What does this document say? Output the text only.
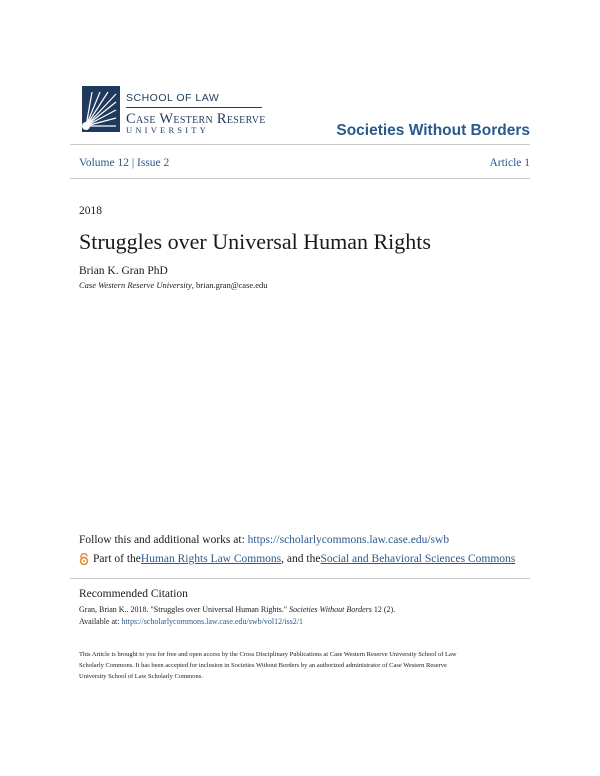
SCHOOL OF LAW
Case Western Reserve
UNIVERSITY	Societies Without Borders
Volume 12 | Issue 2	Article 1
2018
Struggles over Universal Human Rights
Brian K. Gran PhD
Case Western Reserve University, brian.gran@case.edu
Follow this and additional works at: https://scholarlycommons.law.case.edu/swb
Part of the Human Rights Law Commons , and the Social and Behavioral Sciences Commons
Recommended Citation
Gran, Brian K.. 2018. "Struggles over Universal Human Rights." Societies Without Borders 12 (2).
Available at: https://scholarlycommons.law.case.edu/swb/vol12/iss2/1
This Article is brought to you for free and open access by the Cross Disciplinary Publications at Case Western Reserve University School of Law
Scholarly Commons. It has been accepted for inclusion in Societies Without Borders by an authorized administrator of Case Western Reserve
University School of Law Scholarly Commons.
